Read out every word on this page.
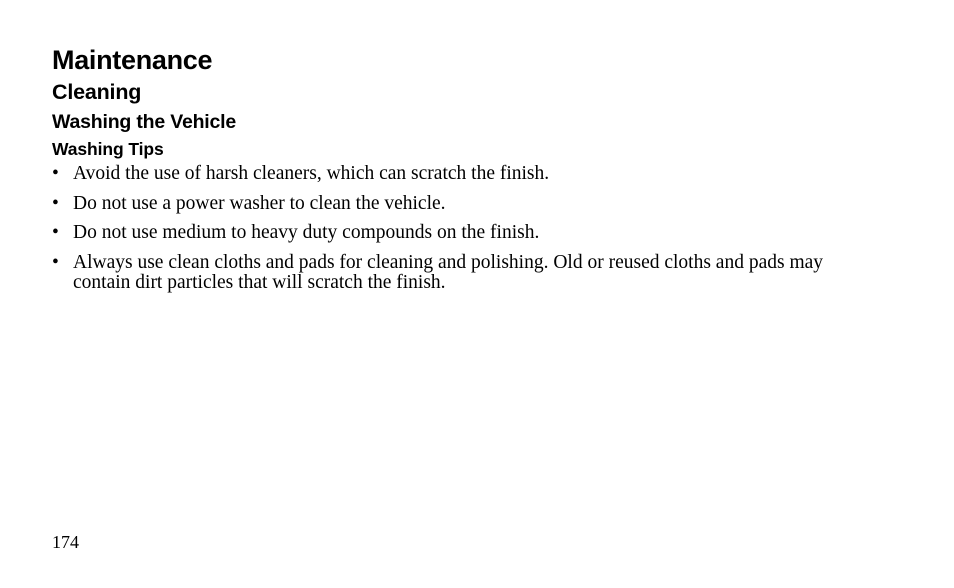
Maintenance
Cleaning
Washing the Vehicle
Washing Tips
• Avoid the use of harsh cleaners, which can scratch the finish.
• Do not use a power washer to clean the vehicle.
• Do not use medium to heavy duty compounds on the finish.
• Always use clean cloths and pads for cleaning and polishing. Old or reused cloths and pads may contain dirt particles that will scratch the finish.
174
